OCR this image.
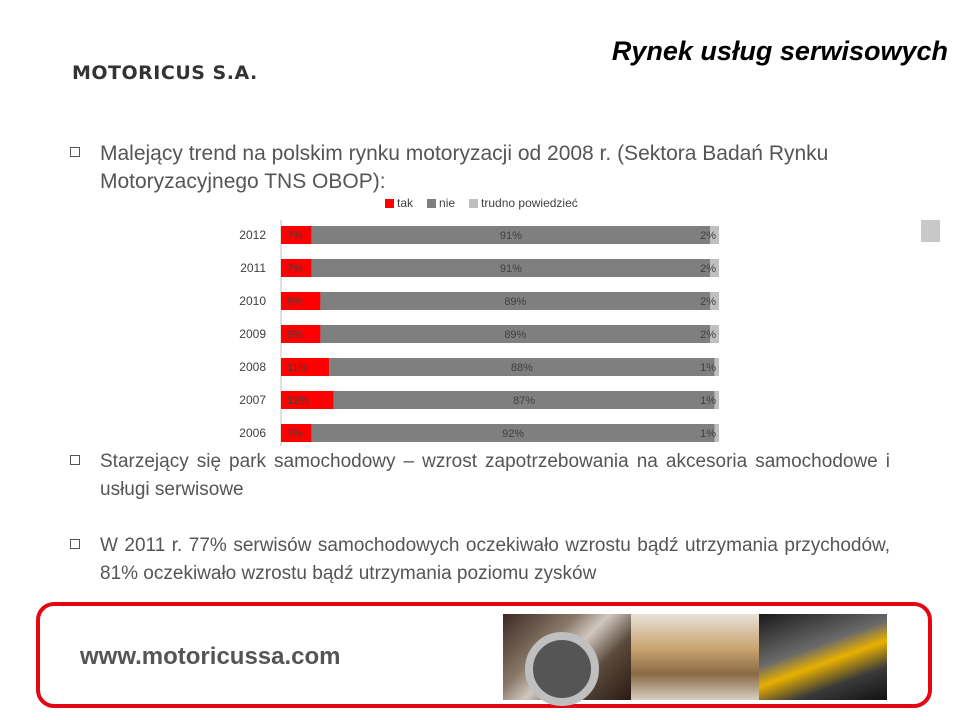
MOTORICUS S.A.
Rynek usług serwisowych
Malejący trend na polskim rynku motoryzacji od 2008 r. (Sektora Badań Rynku Motoryzacyjnego TNS OBOP):
tak nie trudno powiedzieć
2012 7%	91%	2%
2011 7%	91%	2%
2010 9%	89%	2%
2009 9%	89%	2%
2008 11%	88%	1%
2007 12%	87%	1%
2006 7%	92%	1%
Starzejący się park samochodowy – wzrost zapotrzebowania na akcesoria samochodowe i usługi serwisowe
W 2011 r. 77% serwisów samochodowych oczekiwało wzrostu bądź utrzymania przychodów, 81% oczekiwało wzrostu bądź utrzymania poziomu zysków
www.motoricussa.com
